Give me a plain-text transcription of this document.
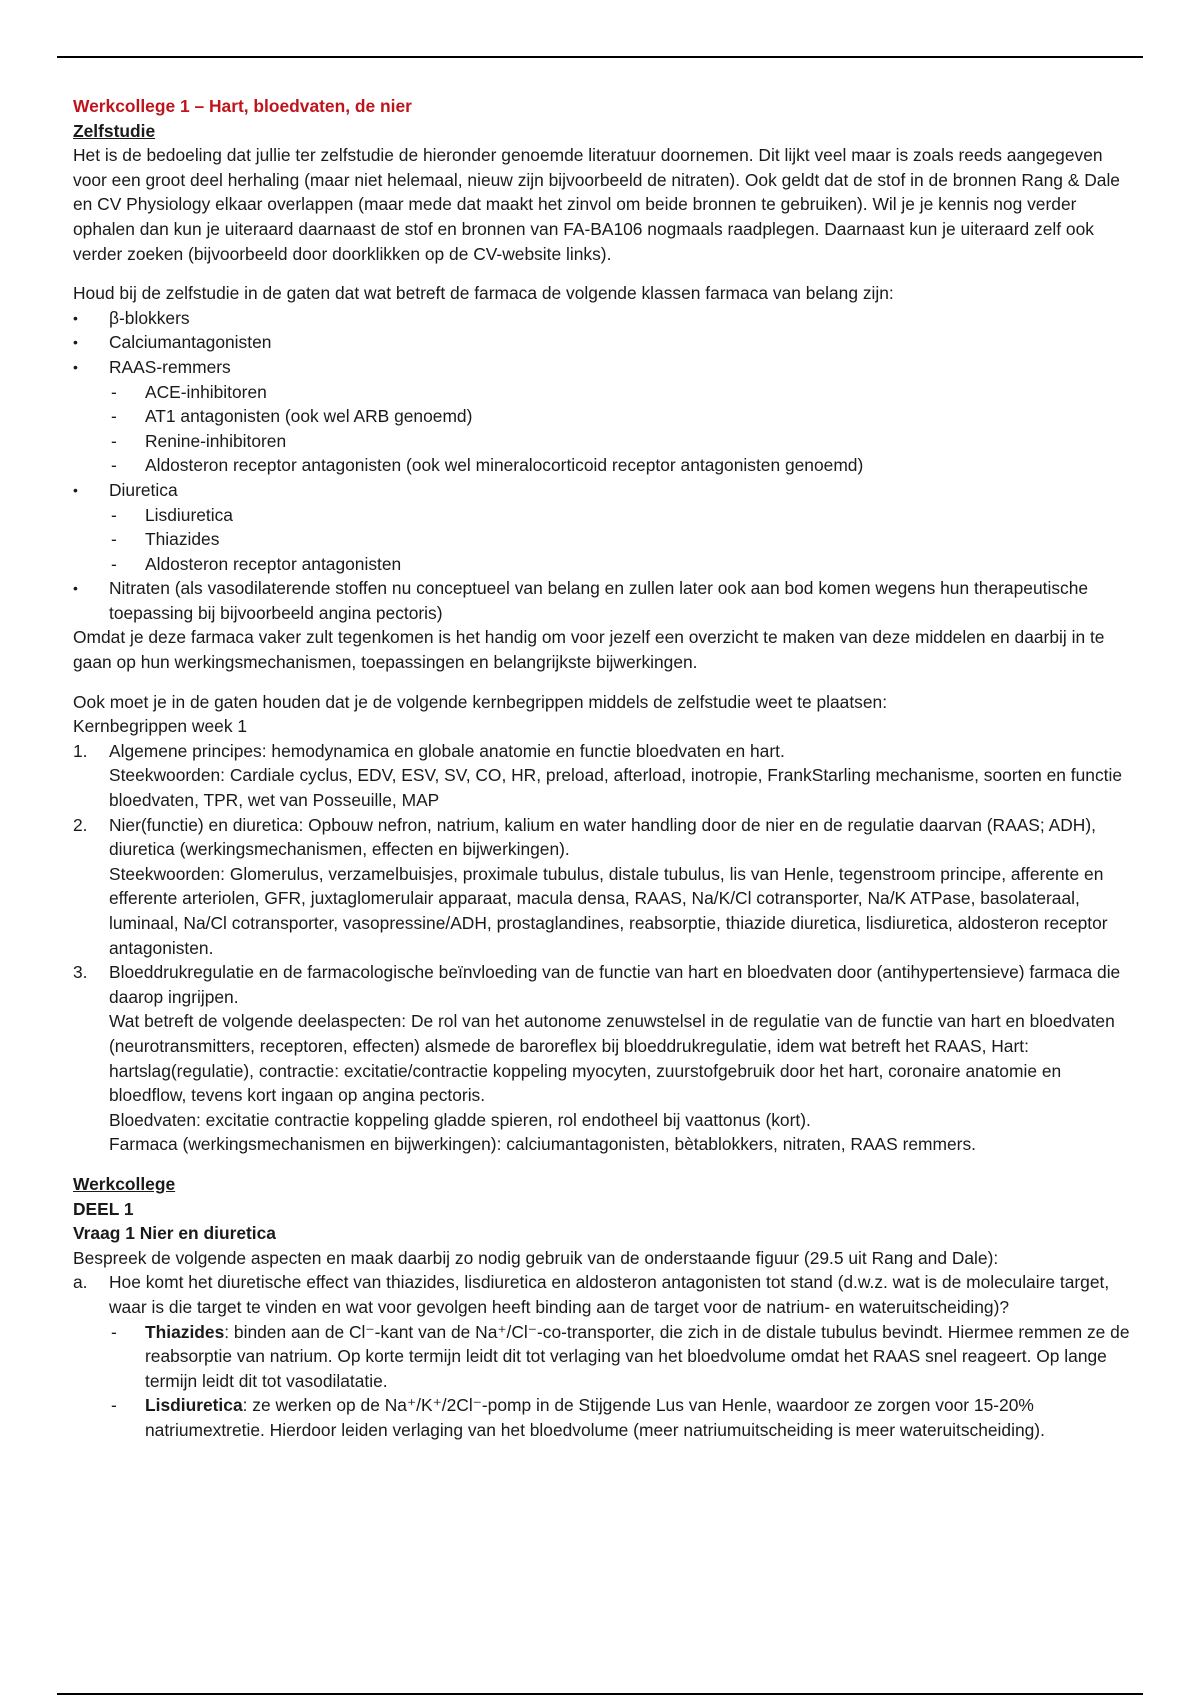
Werkcollege 1 – Hart, bloedvaten, de nier

Zelfstudie

Het is de bedoeling dat jullie ter zelfstudie de hieronder genoemde literatuur doornemen. Dit lijkt veel maar is zoals reeds aangegeven voor een groot deel herhaling (maar niet helemaal, nieuw zijn bijvoorbeeld de nitraten). Ook geldt dat de stof in de bronnen Rang & Dale en CV Physiology elkaar overlappen (maar mede dat maakt het zinvol om beide bronnen te gebruiken). Wil je je kennis nog verder ophalen dan kun je uiteraard daarnaast de stof en bronnen van FA-BA106 nogmaals raadplegen. Daarnaast kun je uiteraard zelf ook verder zoeken (bijvoorbeeld door doorklikken op de CV-website links).

Houd bij de zelfstudie in de gaten dat wat betreft de farmaca de volgende klassen farmaca van belang zijn:

• β-blokkers
• Calciumantagonisten
• RAAS-remmers
- ACE-inhibitoren
- AT1 antagonisten (ook wel ARB genoemd)
- Renine-inhibitoren
- Aldosteron receptor antagonisten (ook wel mineralocorticoid receptor antagonisten genoemd)
• Diuretica
- Lisdiuretica
- Thiazides
- Aldosteron receptor antagonisten
• Nitraten (als vasodilaterende stoffen nu conceptueel van belang en zullen later ook aan bod komen wegens hun therapeutische toepassing bij bijvoorbeeld angina pectoris)

Omdat je deze farmaca vaker zult tegenkomen is het handig om voor jezelf een overzicht te maken van deze middelen en daarbij in te gaan op hun werkingsmechanismen, toepassingen en belangrijkste bijwerkingen.

Ook moet je in de gaten houden dat je de volgende kernbegrippen middels de zelfstudie weet te plaatsen:

Kernbegrippen week 1

1. Algemene principes: hemodynamica en globale anatomie en functie bloedvaten en hart.

Steekwoorden: Cardiale cyclus, EDV, ESV, SV, CO, HR, preload, afterload, inotropie, FrankStarling mechanisme, soorten en functie bloedvaten, TPR, wet van Posseuille, MAP

2. Nier(functie) en diuretica: Opbouw nefron, natrium, kalium en water handling door de nier en de regulatie daarvan (RAAS; ADH), diuretica (werkingsmechanismen, effecten en bijwerkingen).

Steekwoorden: Glomerulus, verzamelbuisjes, proximale tubulus, distale tubulus, lis van Henle, tegenstroom principe, afferente en efferente arteriolen, GFR, juxtaglomerulair apparaat, macula densa, RAAS, Na/K/Cl cotransporter, Na/K ATPase, basolateraal, luminaal, Na/Cl cotransporter, vasopressine/ADH, prostaglandines, reabsorptie, thiazide diuretica, lisdiuretica, aldosteron receptor antagonisten.

3. Bloeddrukregulatie en de farmacologische beïnvloeding van de functie van hart en bloedvaten door (antihypertensieve) farmaca die daarop ingrijpen.

Wat betreft de volgende deelaspecten: De rol van het autonome zenuwstelsel in de regulatie van de functie van hart en bloedvaten (neurotransmitters, receptoren, effecten) alsmede de baroreflex bij bloeddrukregulatie, idem wat betreft het RAAS, Hart: hartslag(regulatie), contractie: excitatie/contractie koppeling myocyten, zuurstofgebruik door het hart, coronaire anatomie en bloedflow, tevens kort ingaan op angina pectoris.

Bloedvaten: excitatie contractie koppeling gladde spieren, rol endotheel bij vaattonus (kort).

Farmaca (werkingsmechanismen en bijwerkingen): calciumantagonisten, bètablokkers, nitraten, RAAS remmers.

Werkcollege

DEEL 1

Vraag 1 Nier en diuretica

Bespreek de volgende aspecten en maak daarbij zo nodig gebruik van de onderstaande figuur (29.5 uit Rang and Dale):

a. Hoe komt het diuretische effect van thiazides, lisdiuretica en aldosteron antagonisten tot stand (d.w.z. wat is de moleculaire target, waar is die target te vinden en wat voor gevolgen heeft binding aan de target voor de natrium- en wateruitscheiding)?

- Thiazides: binden aan de Cl⁻-kant van de Na⁺/Cl⁻-co-transporter, die zich in de distale tubulus bevindt. Hiermee remmen ze de reabsorptie van natrium. Op korte termijn leidt dit tot verlaging van het bloedvolume omdat het RAAS snel reageert. Op lange termijn leidt dit tot vasodilatatie.
- Lisdiuretica: ze werken op de Na⁺/K⁺/2Cl⁻-pomp in de Stijgende Lus van Henle, waardoor ze zorgen voor 15-20% natriumextretie. Hierdoor leiden verlaging van het bloedvolume (meer natriumuitscheiding is meer wateruitscheiding).
